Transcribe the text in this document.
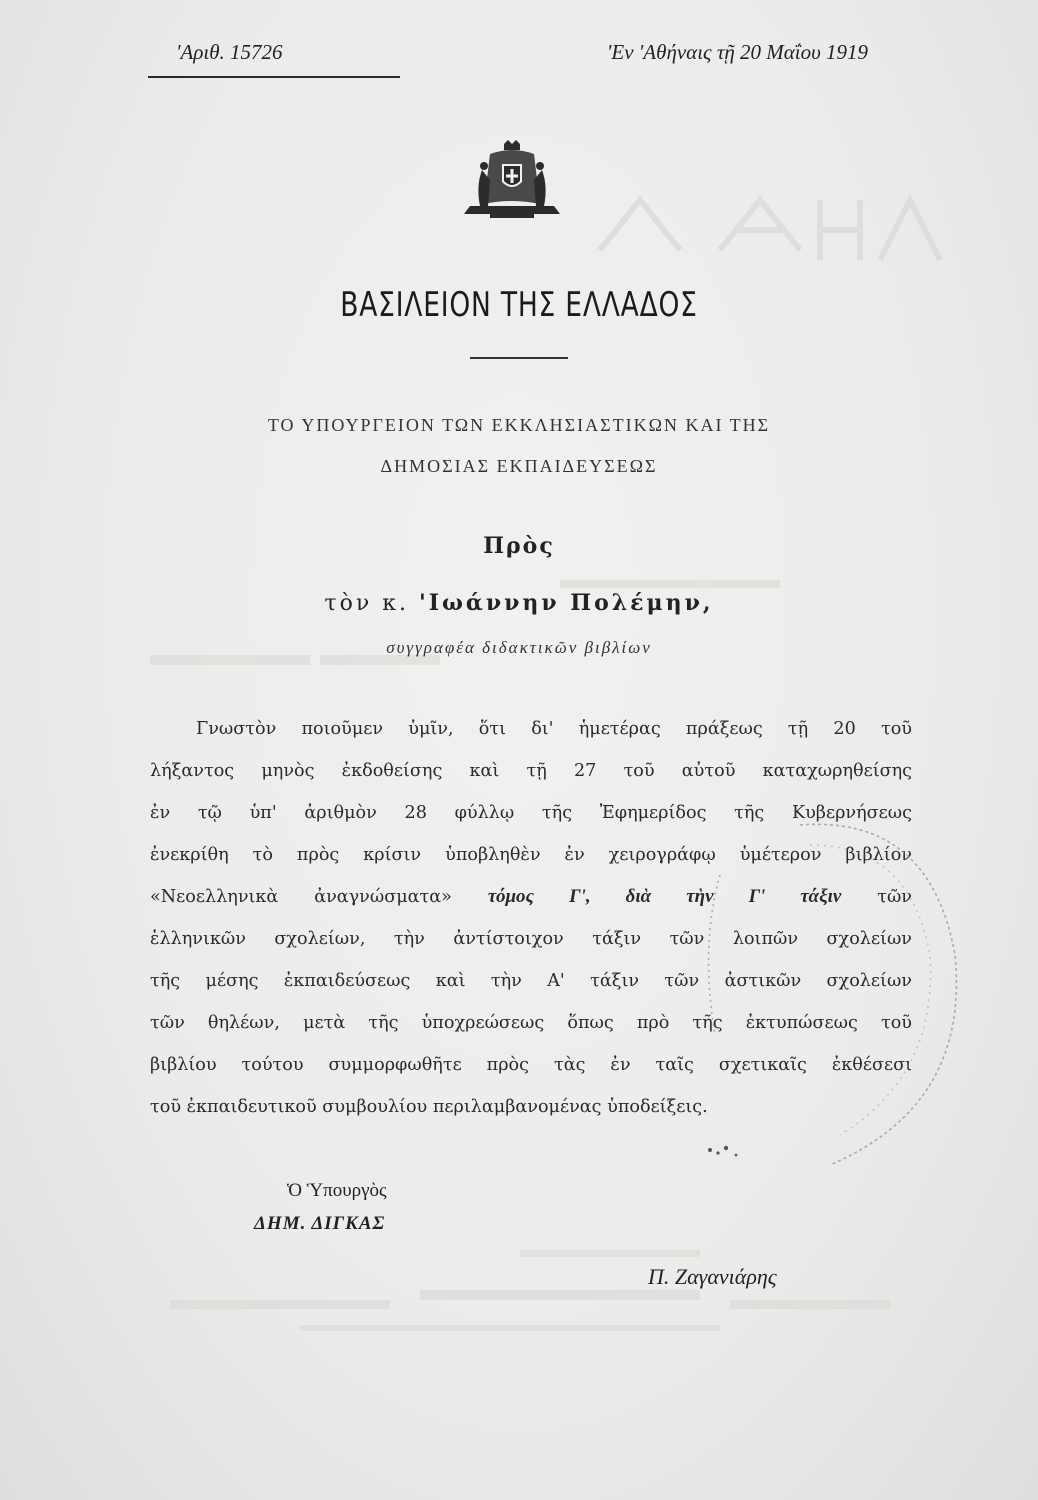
'Αριθ. 15726	'Εν 'Αθήναις τῇ 20 Μαΐου 1919
ΒΑΣΙΛΕΙΟΝ ΤΗΣ ΕΛΛΑΔΟΣ
ΤΟ ΥΠΟΥΡΓΕΙΟΝ ΤΩΝ ΕΚΚΛΗΣΙΑΣΤΙΚΩΝ ΚΑΙ ΤΗΣ
ΔΗΜΟΣΙΑΣ ΕΚΠΑΙΔΕΥΣΕΩΣ
Πρὸς
τὸν κ. 'Ιωάννην Πολέμην,
συγγραφέα διδακτικῶν βιβλίων
Γνωστὸν ποιοῦμεν ὑμῖν, ὅτι δι' ἡμετέρας πράξεως τῇ 20 τοῦ
λήξαντος μηνὸς ἐκδοθείσης καὶ τῇ 27 τοῦ αὐτοῦ καταχωρηθείσης
ἐν τῷ ὑπ' ἀριθμὸν 28 φύλλῳ τῆς Ἐφημερίδος τῆς Κυβερνήσεως
ἐνεκρίθη τὸ πρὸς κρίσιν ὑποβληθὲν ἐν χειρογράφῳ ὑμέτερον βιβλίον
«Νεοελληνικὰ ἀναγνώσματα» τόμος Γ', διὰ τὴν Γ' τάξιν τῶν
ἑλληνικῶν σχολείων, τὴν ἀντίστοιχον τάξιν τῶν λοιπῶν σχολείων
τῆς μέσης ἐκπαιδεύσεως καὶ τὴν Α' τάξιν τῶν ἀστικῶν σχολείων
τῶν θηλέων, μετὰ τῆς ὑποχρεώσεως ὅπως πρὸ τῆς ἐκτυπώσεως τοῦ
βιβλίου τούτου συμμορφωθῆτε πρὸς τὰς ἐν ταῖς σχετικαῖς ἐκθέσεσι
τοῦ ἐκπαιδευτικοῦ συμβουλίου περιλαμβανομένας ὑποδείξεις.
Ὁ Ὑπουργὸς
ΔΗΜ. ΔΙΓΚΑΣ
Π. Ζαγανιάρης
